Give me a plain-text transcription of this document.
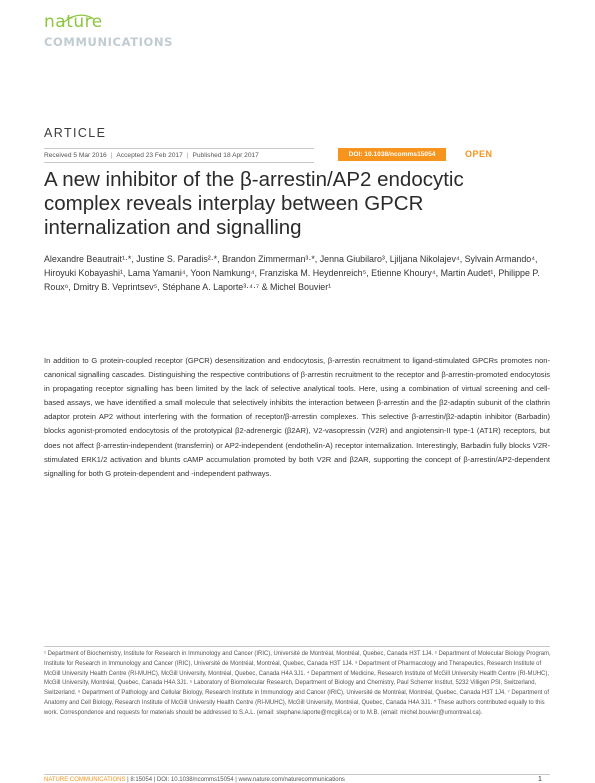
nature
COMMUNICATIONS
ARTICLE
Received 5 Mar 2016 | Accepted 23 Feb 2017 | Published 18 Apr 2017	DOI: 10.1038/ncomms15054	OPEN
A new inhibitor of the β-arrestin/AP2 endocytic complex reveals interplay between GPCR internalization and signalling
Alexandre Beautrait¹·*, Justine S. Paradis²·*, Brandon Zimmerman³·*, Jenna Giubilaro³, Ljiljana Nikolajev⁴, Sylvain Armando⁴, Hiroyuki Kobayashi¹, Lama Yamani⁴, Yoon Namkung⁴, Franziska M. Heydenreich⁵, Etienne Khoury⁴, Martin Audet¹, Philippe P. Roux⁶, Dmitry B. Veprintsev⁵, Stéphane A. Laporte³·⁴·⁷ & Michel Bouvier¹

In addition to G protein-coupled receptor (GPCR) desensitization and endocytosis, β-arrestin recruitment to ligand-stimulated GPCRs promotes non-canonical signalling cascades. Distinguishing the respective contributions of β-arrestin recruitment to the receptor and β-arrestin-promoted endocytosis in propagating receptor signalling has been limited by the lack of selective analytical tools. Here, using a combination of virtual screening and cell-based assays, we have identified a small molecule that selectively inhibits the interaction between β-arrestin and the β2-adaptin subunit of the clathrin adaptor protein AP2 without interfering with the formation of receptor/β-arrestin complexes. This selective β-arrestin/β2-adaptin inhibitor (Barbadin) blocks agonist-promoted endocytosis of the prototypical β2-adrenergic (β2AR), V2-vasopressin (V2R) and angiotensin-II type-1 (AT1R) receptors, but does not affect β-arrestin-independent (transferrin) or AP2-independent (endothelin-A) receptor internalization. Interestingly, Barbadin fully blocks V2R-stimulated ERK1/2 activation and blunts cAMP accumulation promoted by both V2R and β2AR, supporting the concept of β-arrestin/AP2-dependent signalling for both G protein-dependent and -independent pathways.

¹ Department of Biochemistry, Institute for Research in Immunology and Cancer (IRIC), Université de Montréal, Montréal, Quebec, Canada H3T 1J4. ² Department of Molecular Biology Program, Institute for Research in Immunology and Cancer (IRIC), Université de Montréal, Montréal, Quebec, Canada H3T 1J4. ³ Department of Pharmacology and Therapeutics, Research Institute of McGill University Health Centre (RI-MUHC), McGill University, Montréal, Quebec, Canada H4A 3J1. ⁴ Department of Medicine, Research Institute of McGill University Health Centre (RI-MUHC), McGill University, Montréal, Quebec, Canada H4A 3J1. ⁵ Laboratory of Biomolecular Research, Department of Biology and Chemistry, Paul Scherrer Institut, 5232 Villigen PSI, Switzerland, Switzerland. ⁶ Department of Pathology and Cellular Biology, Research Institute in Immunology and Cancer (IRIC), Université de Montréal, Montréal, Quebec, Canada H3T 1J4. ⁷ Department of Anatomy and Cell Biology, Research Institute of McGill University Health Centre (RI-MUHC), McGill University, Montréal, Quebec, Canada H4A 3J1. * These authors contributed equally to this work. Correspondence and requests for materials should be addressed to S.A.L. (email: stephane.laporte@mcgill.ca) or to M.B. (email: michel.bouvier@umontreal.ca).

NATURE COMMUNICATIONS | 8:15054 | DOI: 10.1038/ncomms15054 | www.nature.com/naturecommunications	1
